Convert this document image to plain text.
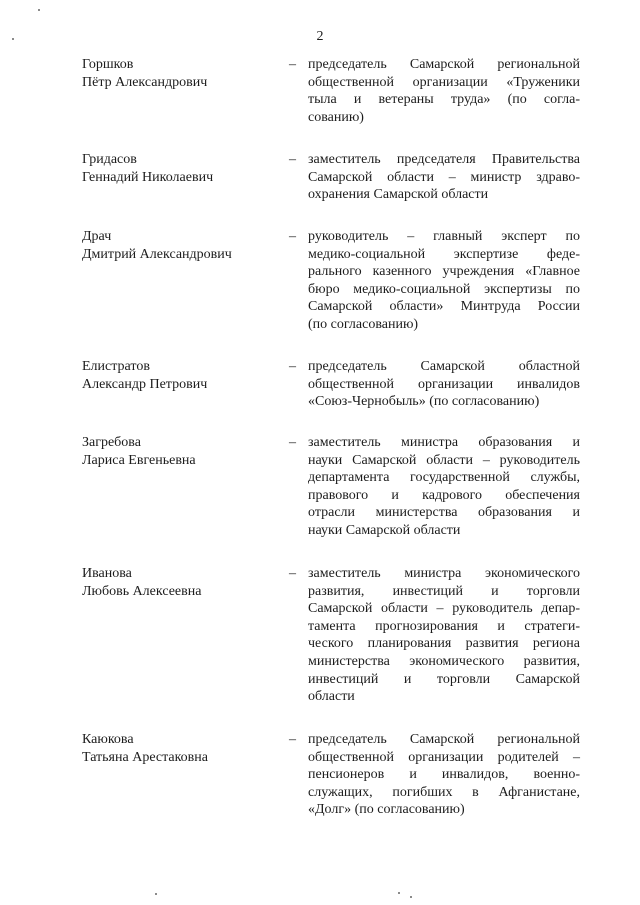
2
Горшков
Пётр Александрович
– председатель Самарской региональной
общественной организации «Труженики
тыла и ветераны труда» (по согла-
сованию)
Гридасов
Геннадий Николаевич
– заместитель председателя Правительства
Самарской области – министр здраво-
охранения Самарской области
Драч
Дмитрий Александрович
– руководитель – главный эксперт по
медико-социальной экспертизе феде-
рального казенного учреждения «Главное
бюро медико-социальной экспертизы по
Самарской области» Минтруда России
(по согласованию)
Елистратов
Александр Петрович
– председатель Самарской областной
общественной организации инвалидов
«Союз-Чернобыль» (по согласованию)
Загребова
Лариса Евгеньевна
– заместитель министра образования и
науки Самарской области – руководитель
департамента государственной службы,
правового и кадрового обеспечения
отрасли министерства образования и
науки Самарской области
Иванова
Любовь Алексеевна
– заместитель министра экономического
развития, инвестиций и торговли
Самарской области – руководитель депар-
тамента прогнозирования и стратеги-
ческого планирования развития региона
министерства экономического развития,
инвестиций и торговли Самарской
области
Каюкова
Татьяна Арестаковна
– председатель Самарской региональной
общественной организации родителей –
пенсионеров и инвалидов, военно-
служащих, погибших в Афганистане,
«Долг» (по согласованию)
